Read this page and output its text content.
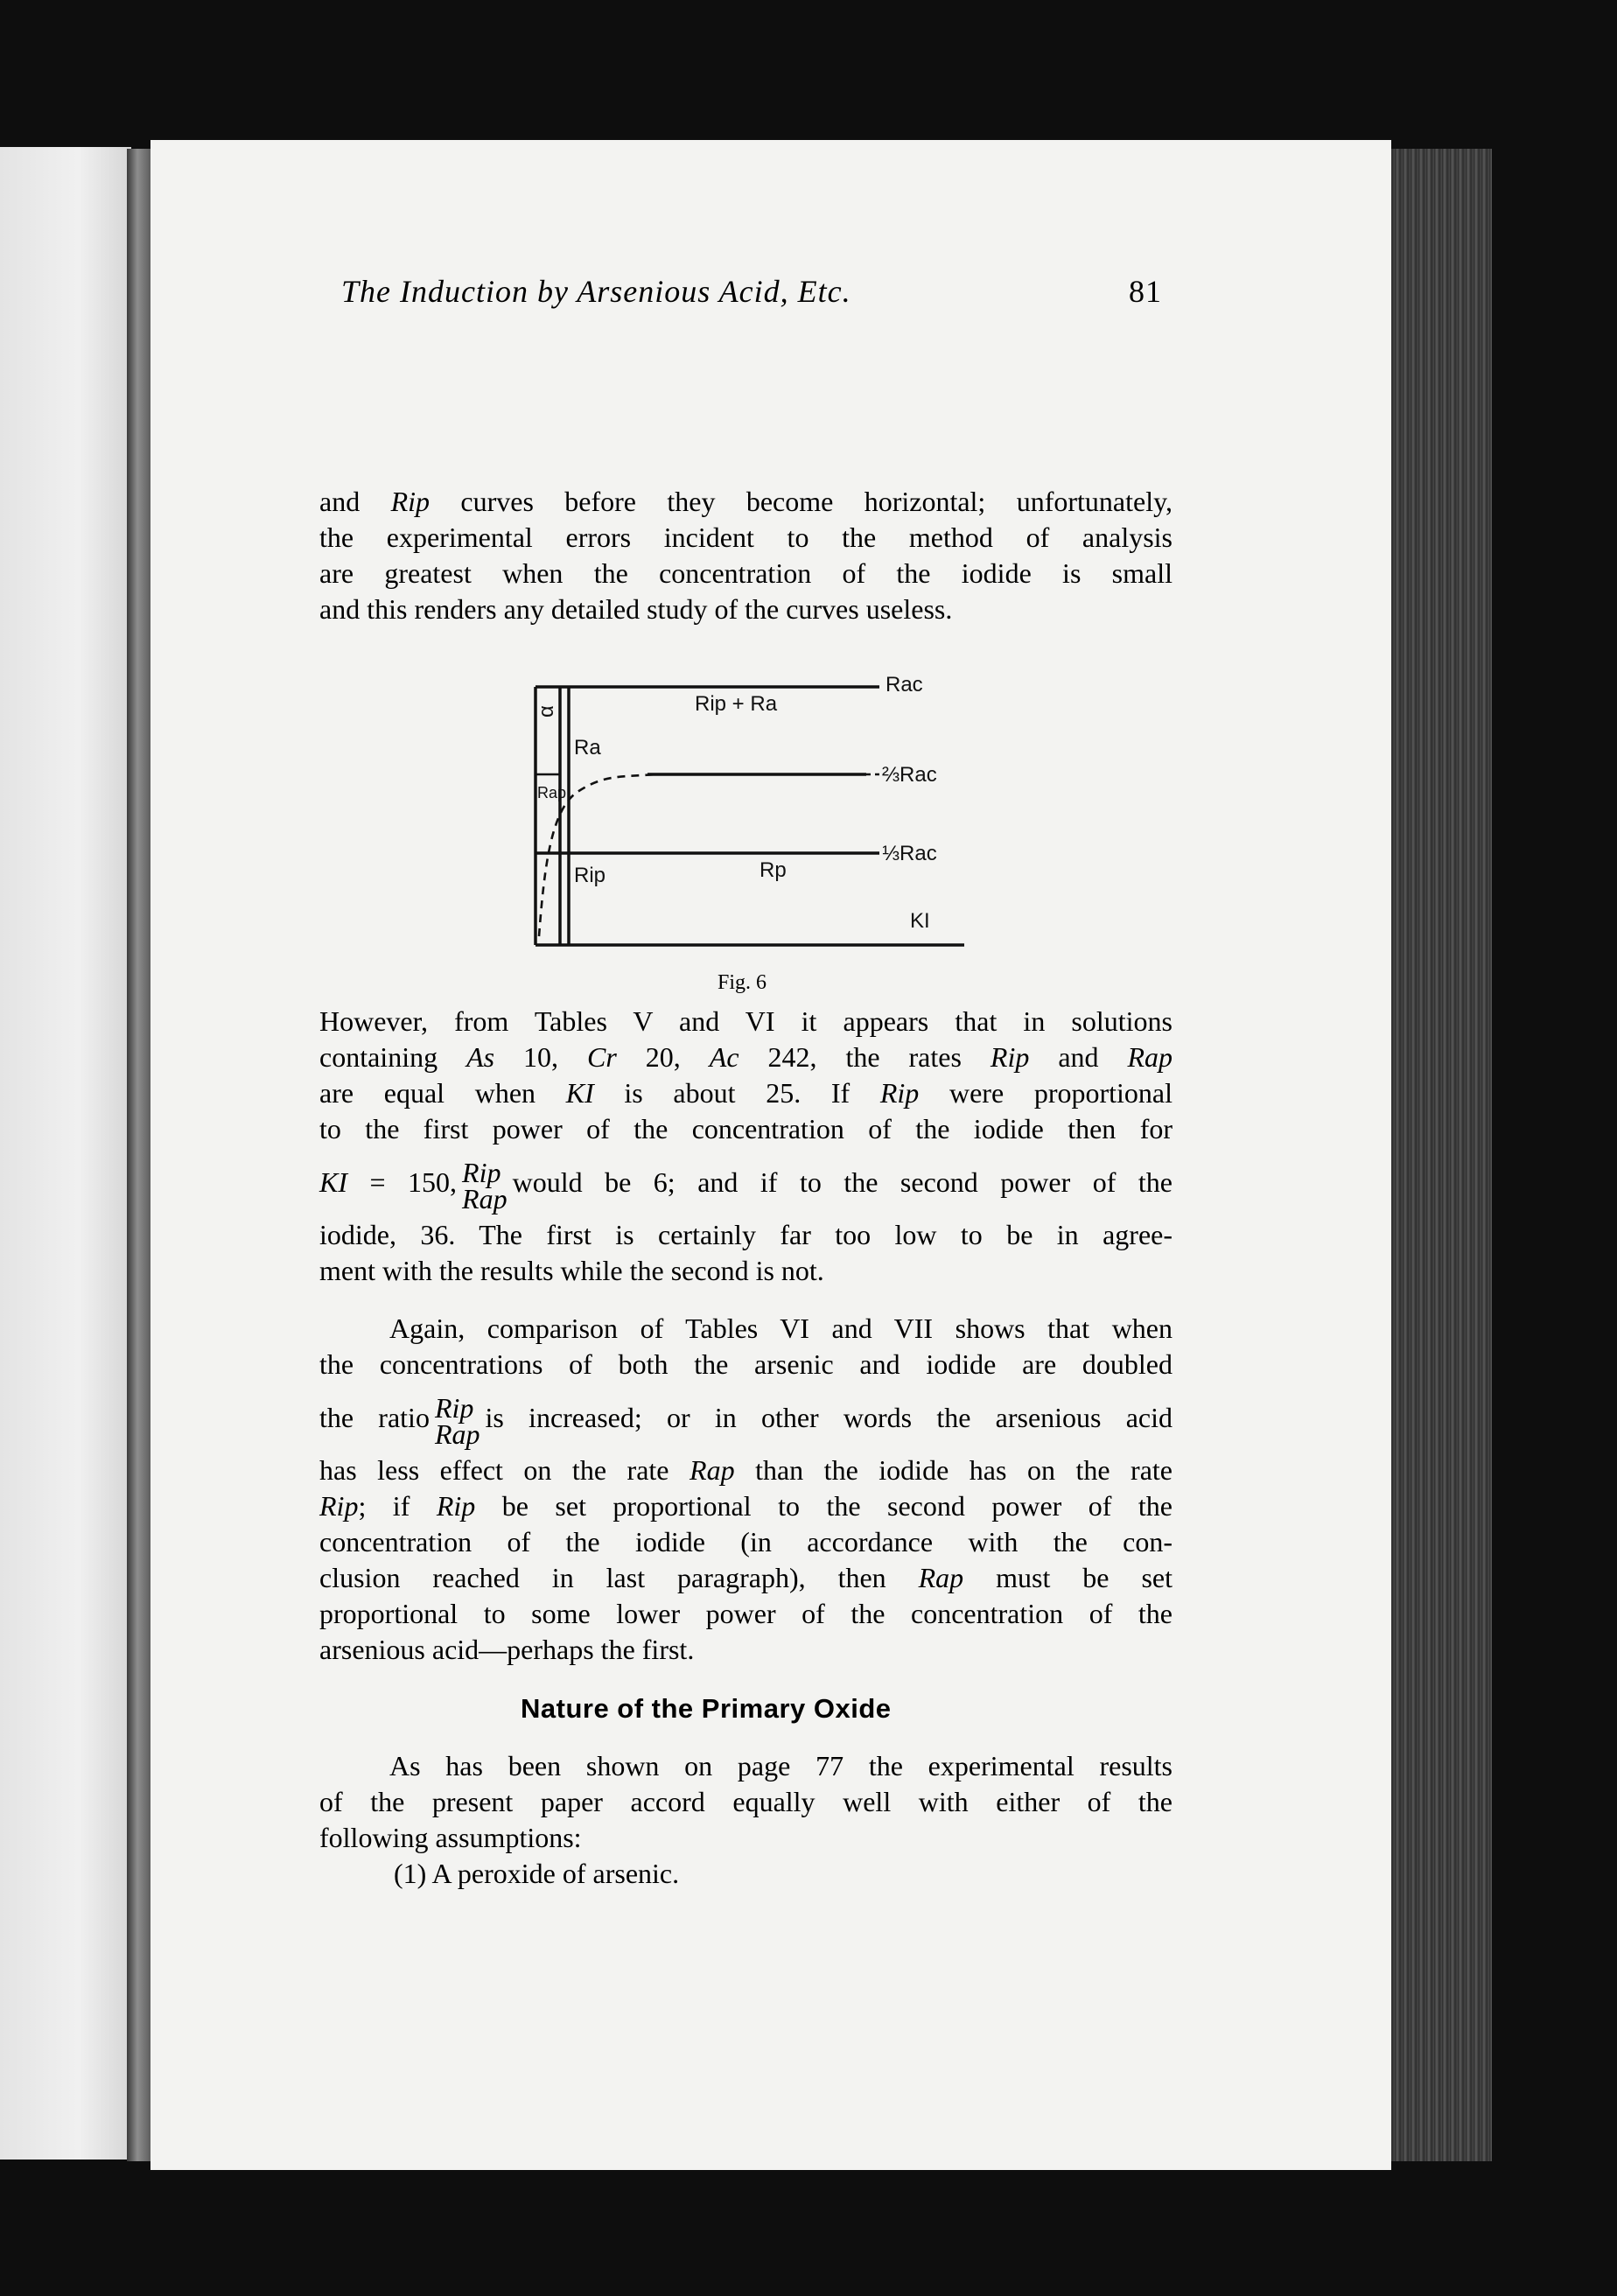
The Induction by Arsenious Acid, Etc.	81
and Rip curves before they become horizontal; unfortunately,
the experimental errors incident to the method of analysis
are greatest when the concentration of the iodide is small
and this renders any detailed study of the curves useless.
α	Rip + Ra
Rac
Ra
⅔Rac
Rap
⅓Rac
Rip	Rp
KI
Fig. 6
However, from Tables V and VI it appears that in solutions
containing As 10, Cr 20, Ac 242, the rates Rip and Rap
are equal when KI is about 25. If Rip were proportional
to the first power of the concentration of the iodide then for
KI = 150, Rip
Rap
would be 6; and if to the second power of the
iodide, 36. The first is certainly far too low to be in agree-
ment with the results while the second is not.
Again, comparison of Tables VI and VII shows that when
the concentrations of both the arsenic and iodide are doubled
the ratio Rip
Rap
is increased; or in other words the arsenious acid
has less effect on the rate Rap than the iodide has on the rate
Rip; if Rip be set proportional to the second power of the
concentration of the iodide (in accordance with the con-
clusion reached in last paragraph), then Rap must be set
proportional to some lower power of the concentration of the
arsenious acid—perhaps the first.
Nature of the Primary Oxide
As has been shown on page 77 the experimental results
of the present paper accord equally well with either of the
following assumptions:
(1) A peroxide of arsenic.
